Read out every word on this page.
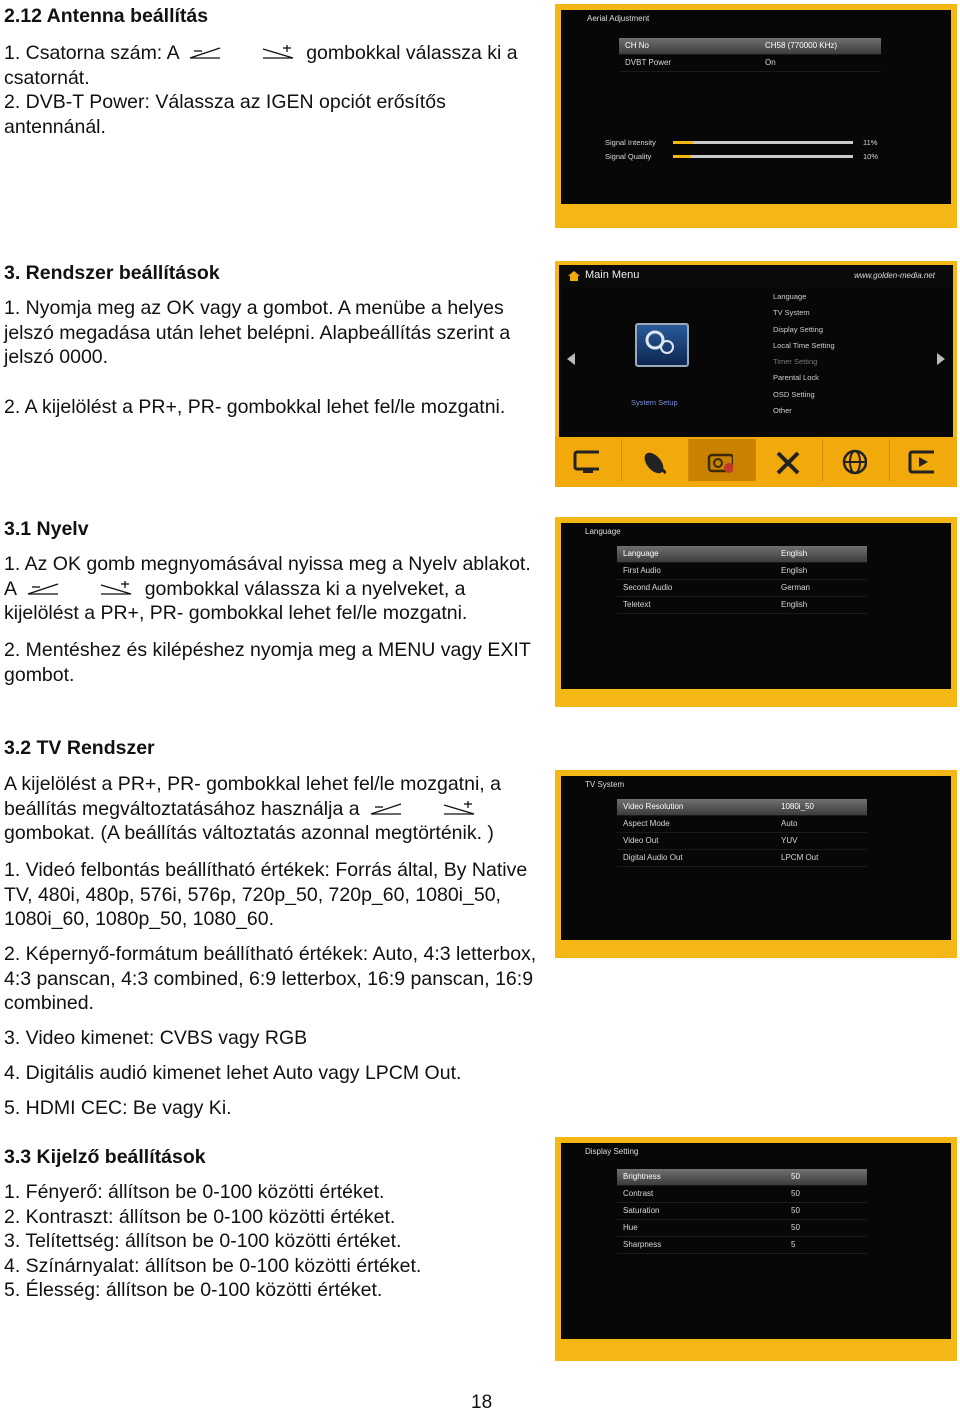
2.12 Antenna beállítás
1. Csatorna szám: A
	gombokkal válassza ki a csatornát.
2. DVB-T Power: Válassza az IGEN opciót erősítős antennánál.
3. Rendszer beállítások
1. Nyomja meg az OK vagy a gombot. A menübe a helyes jelszó megadása után lehet belépni. Alapbeállítás szerint a jelszó 0000.
2. A kijelölést a PR+, PR- gombokkal lehet fel/le mozgatni.
3.1 Nyelv
1. Az OK gomb megnyomásával nyissa meg a Nyelv ablakot. A
	gombokkal válassza ki a nyelveket, a kijelölést a PR+, PR- gombokkal lehet fel/le mozgatni.
2. Mentéshez és kilépéshez nyomja meg a MENU vagy EXIT gombot.
3.2 TV Rendszer
A kijelölést a PR+, PR- gombokkal lehet fel/le mozgatni, a beállítás megváltoztatásához használja a

gombokat. (A beállítás változtatás azonnal megtörténik. )
1. Videó felbontás beállítható értékek: Forrás által, By Native TV, 480i, 480p, 576i, 576p, 720p_50, 720p_60, 1080i_50, 1080i_60, 1080p_50, 1080_60.
2. Képernyő-formátum beállítható értékek: Auto, 4:3 letterbox, 4:3 panscan, 4:3 combined, 6:9 letterbox, 16:9 panscan, 16:9 combined.
3. Video kimenet: CVBS vagy RGB
4. Digitális audió kimenet lehet Auto vagy LPCM Out.
5. HDMI CEC: Be vagy Ki.
3.3 Kijelző beállítások
1. Fényerő: állítson be 0-100 közötti értéket.
2. Kontraszt: állítson be 0-100 közötti értéket.
3. Telítettség: állítson be 0-100 közötti értéket.
4. Színárnyalat: állítson be 0-100 közötti értéket.
5. Élesség: állítson be 0-100 közötti értéket.
Aerial Adjustment
CH No	CH58 (770000 KHz)
DVBT Power	On
Signal Intensity	11%
Signal Quality	10%
Main Menu	www.golden-media.net
System Setup
Language
TV System
Display Setting
Local Time Setting
Timer Setting
Parental Lock
OSD Setting
Other
Language
Language	English
First Audio	English
Second Audio	German
Teletext	English
TV System
Video Resolution	1080i_50
Aspect Mode	Auto
Video Out	YUV
Digital Audio Out	LPCM Out
Display Setting
Brightness	50
Contrast	50
Saturation	50
Hue	50
Sharpness	5
18
